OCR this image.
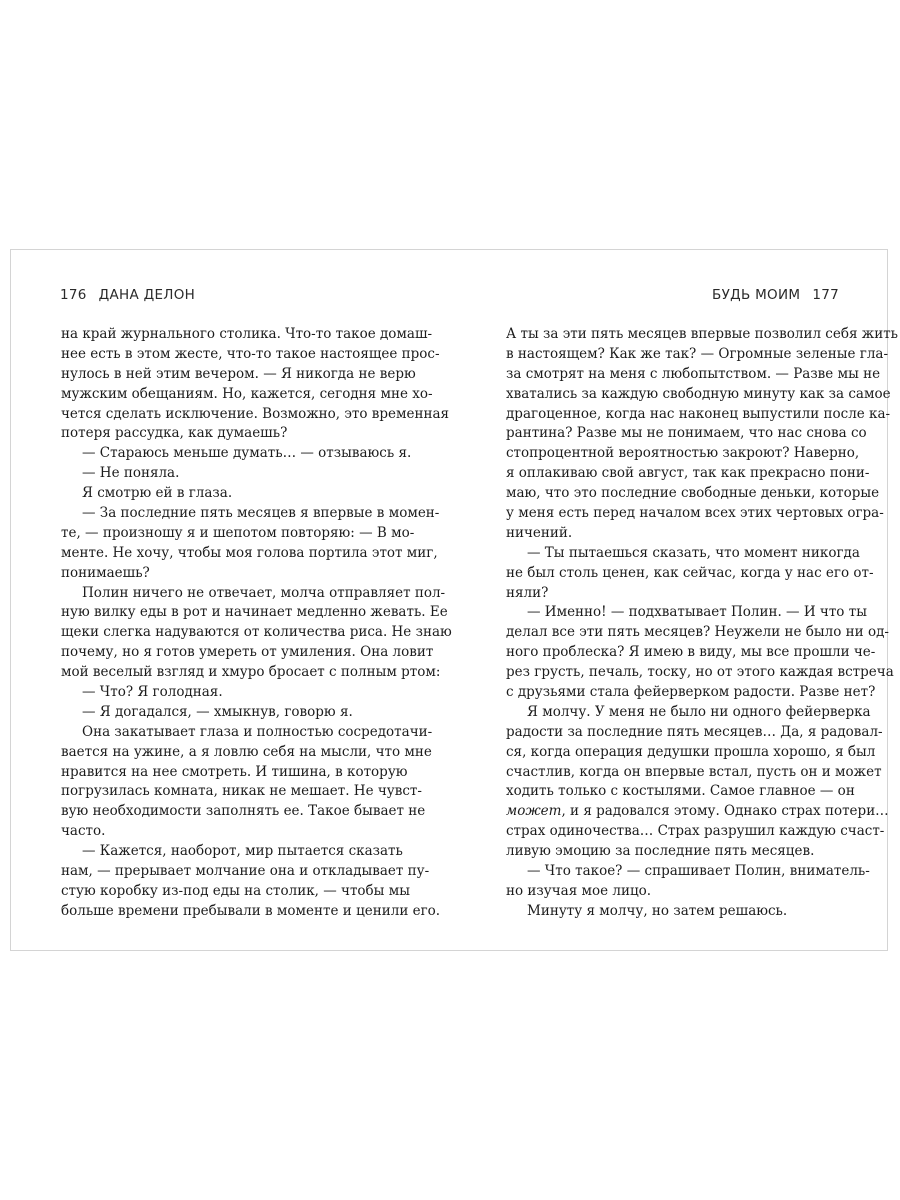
176 ДАНА ДЕЛОН	БУДЬ МОИМ 177
на край журнального столика. Что-то такое домаш-
нее есть в этом жесте, что-то такое настоящее прос-
нулось в ней этим вечером. — Я никогда не верю
мужским обещаниям. Но, кажется, сегодня мне хо-
чется сделать исключение. Возможно, это временная
потеря рассудка, как думаешь?
— Стараюсь меньше думать… — отзываюсь я.
— Не поняла.
Я смотрю ей в глаза.
— За последние пять месяцев я впервые в момен-
те, — произношу я и шепотом повторяю: — В мо-
менте. Не хочу, чтобы моя голова портила этот миг,
понимаешь?
Полин ничего не отвечает, молча отправляет пол-
ную вилку еды в рот и начинает медленно жевать. Ее
щеки слегка надуваются от количества риса. Не знаю
почему, но я готов умереть от умиления. Она ловит
мой веселый взгляд и хмуро бросает с полным ртом:
— Что? Я голодная.
— Я догадался, — хмыкнув, говорю я.
Она закатывает глаза и полностью сосредотачи-
вается на ужине, а я ловлю себя на мысли, что мне
нравится на нее смотреть. И тишина, в которую
погрузилась комната, никак не мешает. Не чувст-
вую необходимости заполнять ее. Такое бывает не
часто.
— Кажется, наоборот, мир пытается сказать
нам, — прерывает молчание она и откладывает пу-
стую коробку из-под еды на столик, — чтобы мы
больше времени пребывали в моменте и ценили его.
А ты за эти пять месяцев впервые позволил себя жить
в настоящем? Как же так? — Огромные зеленые гла-
за смотрят на меня с любопытством. — Разве мы не
хватались за каждую свободную минуту как за самое
драгоценное, когда нас наконец выпустили после ка-
рантина? Разве мы не понимаем, что нас снова со
стопроцентной вероятностью закроют? Наверно,
я оплакиваю свой август, так как прекрасно пони-
маю, что это последние свободные деньки, которые
у меня есть перед началом всех этих чертовых огра-
ничений.
— Ты пытаешься сказать, что момент никогда
не был столь ценен, как сейчас, когда у нас его от-
няли?
— Именно! — подхватывает Полин. — И что ты
делал все эти пять месяцев? Неужели не было ни од-
ного проблеска? Я имею в виду, мы все прошли че-
рез грусть, печаль, тоску, но от этого каждая встреча
с друзьями стала фейерверком радости. Разве нет?
Я молчу. У меня не было ни одного фейерверка
радости за последние пять месяцев… Да, я радовал-
ся, когда операция дедушки прошла хорошо, я был
счастлив, когда он впервые встал, пусть он и может
ходить только с костылями. Самое главное — он
может, и я радовался этому. Однако страх потери…
страх одиночества… Страх разрушил каждую счаст-
ливую эмоцию за последние пять месяцев.
— Что такое? — спрашивает Полин, вниматель-
но изучая мое лицо.
Минуту я молчу, но затем решаюсь.
